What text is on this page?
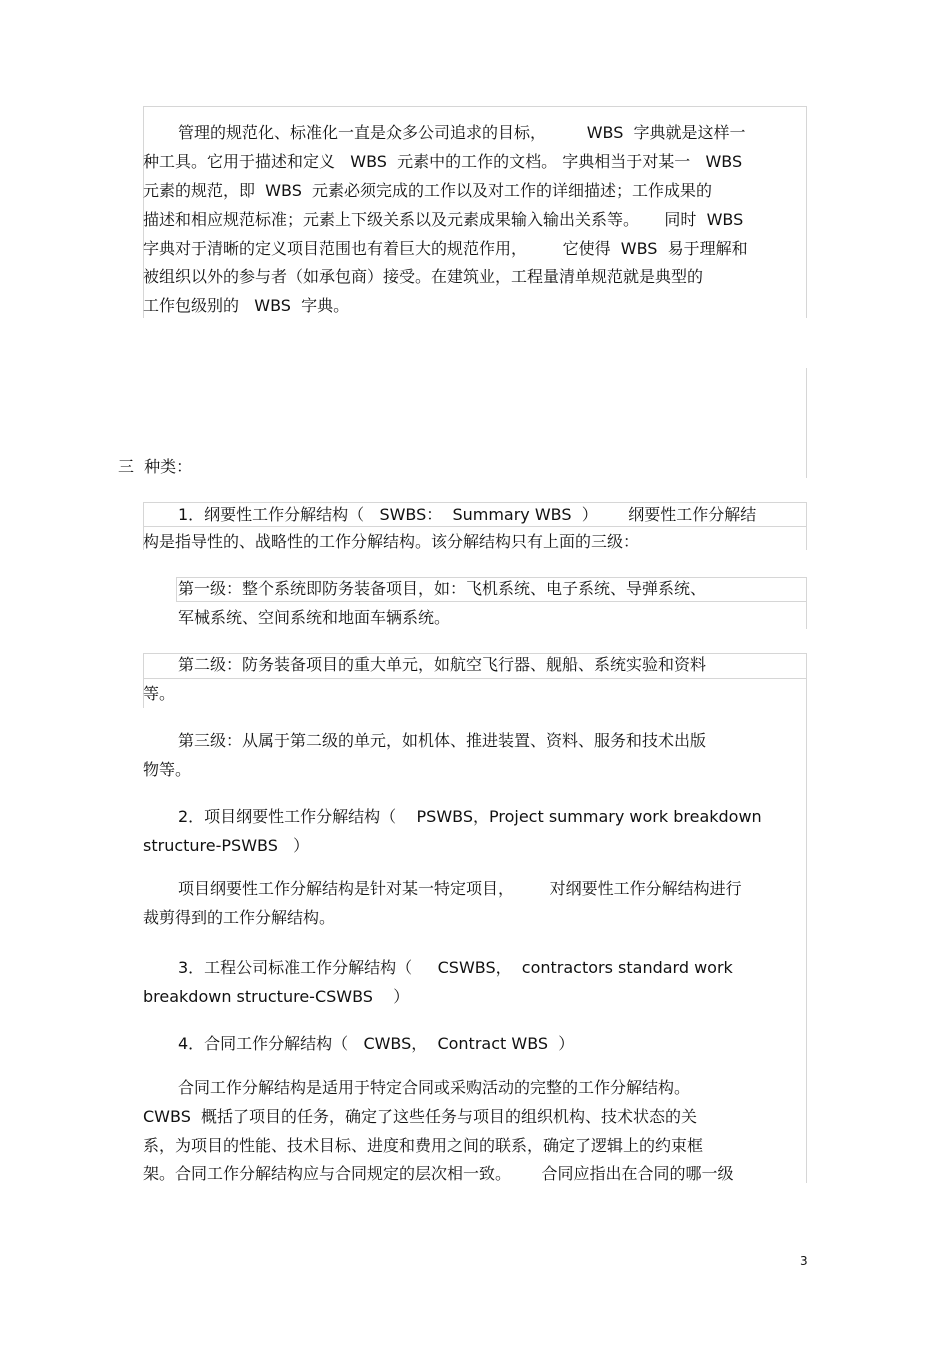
管理的规范化、标准化一直是众多公司追求的目标，        WBS  字典就是这样一
种工具。它用于描述和定义   WBS  元素中的工作的文档。 字典相当于对某一   WBS
元素的规范，即  WBS  元素必须完成的工作以及对工作的详细描述；工作成果的
描述和相应规范标准；元素上下级关系以及元素成果输入输出关系等。     同时  WBS
字典对于清晰的定义项目范围也有着巨大的规范作用，       它使得  WBS  易于理解和
被组织以外的参与者（如承包商）接受。在建筑业，工程量清单规范就是典型的
工作包级别的   WBS  字典。
三  种类：
1．纲要性工作分解结构（   SWBS：  Summary WBS  ）      纲要性工作分解结
构是指导性的、战略性的工作分解结构。该分解结构只有上面的三级：
第一级：整个系统即防务装备项目，如：飞机系统、电子系统、导弹系统、
军械系统、空间系统和地面车辆系统。
第二级：防务装备项目的重大单元，如航空飞行器、舰船、系统实验和资料
等。
第三级：从属于第二级的单元，如机体、推进装置、资料、服务和技术出版
物等。
2．项目纲要性工作分解结构（    PSWBS，Project summary work breakdown
structure-PSWBS   ）
项目纲要性工作分解结构是针对某一特定项目，       对纲要性工作分解结构进行
裁剪得到的工作分解结构。
3．工程公司标准工作分解结构（     CSWBS，  contractors standard work
breakdown structure-CSWBS    ）
4．合同工作分解结构（   CWBS，  Contract WBS  ）
合同工作分解结构是适用于特定合同或采购活动的完整的工作分解结构。
CWBS  概括了项目的任务，确定了这些任务与项目的组织机构、技术状态的关
系，为项目的性能、技术目标、进度和费用之间的联系，确定了逻辑上的约束框
架。合同工作分解结构应与合同规定的层次相一致。      合同应指出在合同的哪一级
3
